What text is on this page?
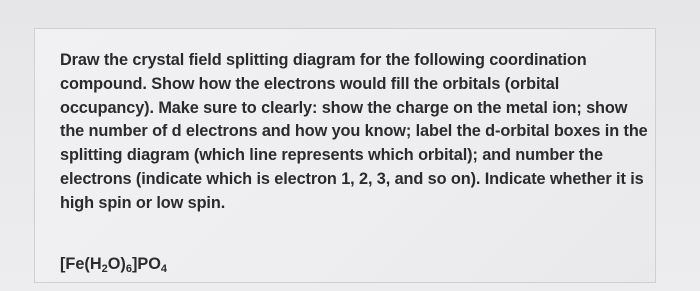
Draw the crystal field splitting diagram for the following coordination compound. Show how the electrons would fill the orbitals (orbital occupancy). Make sure to clearly: show the charge on the metal ion; show the number of d electrons and how you know; label the d-orbital boxes in the splitting diagram (which line represents which orbital); and number the electrons (indicate which is electron 1, 2, 3, and so on). Indicate whether it is high spin or low spin.

$[Fe(H_2O)_6]PO_4$
